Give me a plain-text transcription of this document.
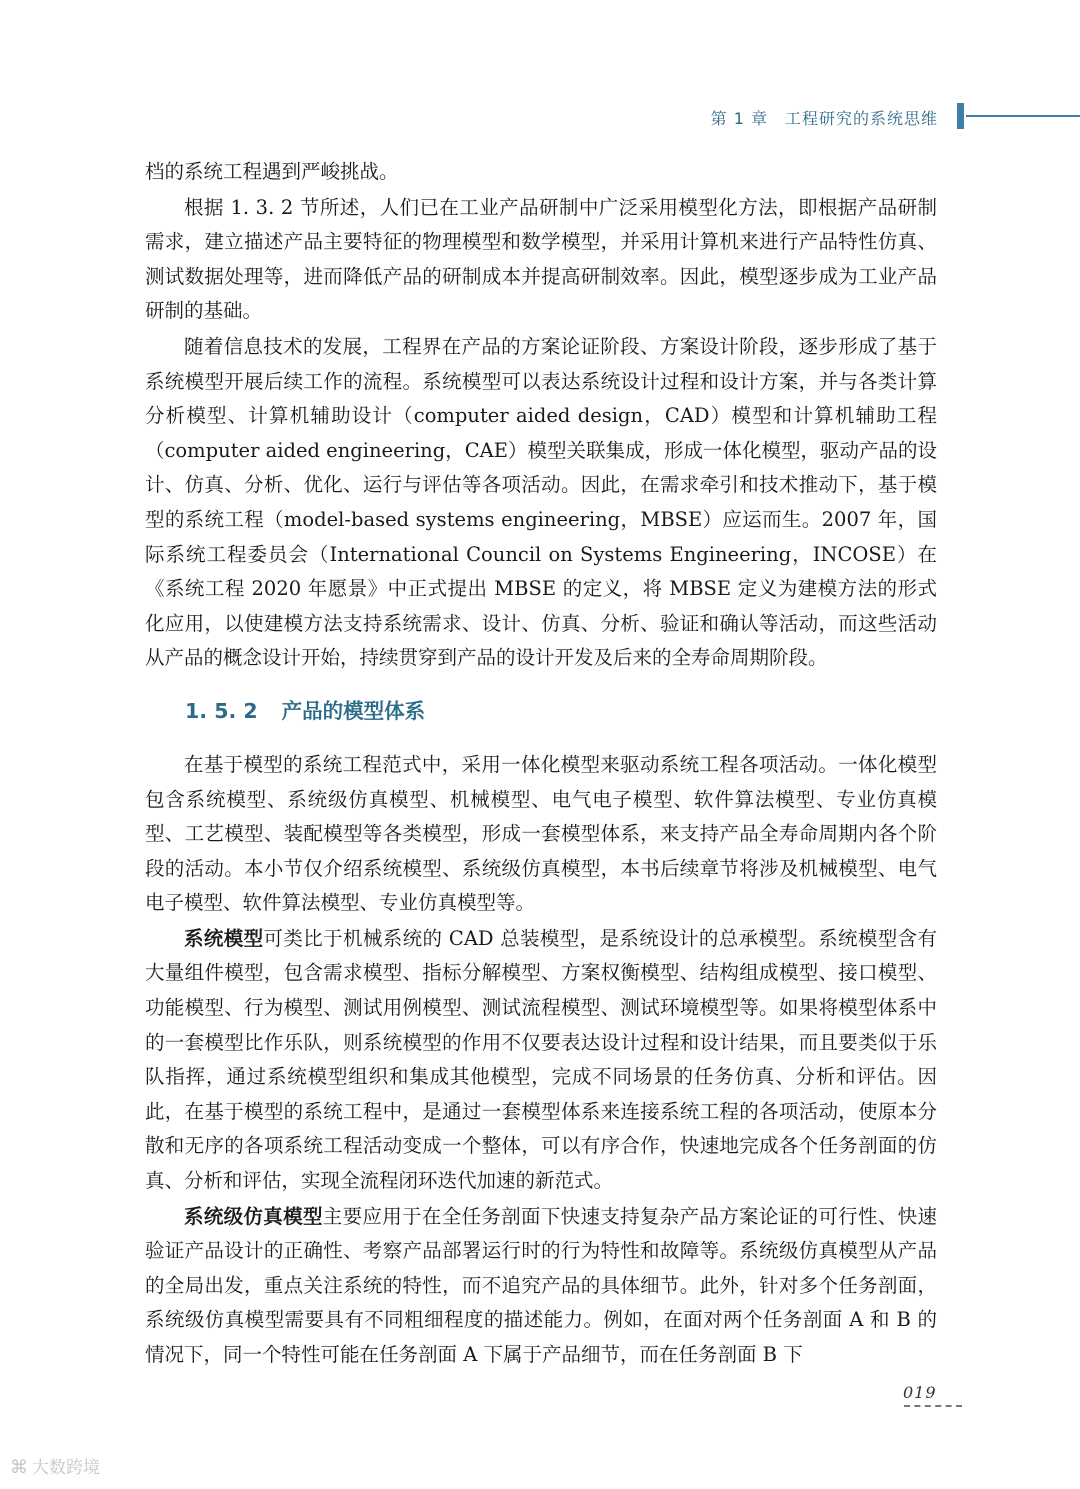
第 1 章　工程研究的系统思维

档的系统工程遇到严峻挑战。

根据 1. 3. 2 节所述，人们已在工业产品研制中广泛采用模型化方法，即根据产品研制需求，建立描述产品主要特征的物理模型和数学模型，并采用计算机来进行产品特性仿真、测试数据处理等，进而降低产品的研制成本并提高研制效率。因此，模型逐步成为工业产品研制的基础。

随着信息技术的发展，工程界在产品的方案论证阶段、方案设计阶段，逐步形成了基于系统模型开展后续工作的流程。系统模型可以表达系统设计过程和设计方案，并与各类计算分析模型、计算机辅助设计（computer aided design，CAD）模型和计算机辅助工程（computer aided engineering，CAE）模型关联集成，形成一体化模型，驱动产品的设计、仿真、分析、优化、运行与评估等各项活动。因此，在需求牵引和技术推动下，基于模型的系统工程（model-based systems engineering，MBSE）应运而生。2007 年，国际系统工程委员会（International Council on Systems Engineering，INCOSE）在《系统工程 2020 年愿景》中正式提出 MBSE 的定义，将 MBSE 定义为建模方法的形式化应用，以使建模方法支持系统需求、设计、仿真、分析、验证和确认等活动，而这些活动从产品的概念设计开始，持续贯穿到产品的设计开发及后来的全寿命周期阶段。

1. 5. 2 产品的模型体系

在基于模型的系统工程范式中，采用一体化模型来驱动系统工程各项活动。一体化模型包含系统模型、系统级仿真模型、机械模型、电气电子模型、软件算法模型、专业仿真模型、工艺模型、装配模型等各类模型，形成一套模型体系，来支持产品全寿命周期内各个阶段的活动。本小节仅介绍系统模型、系统级仿真模型，本书后续章节将涉及机械模型、电气电子模型、软件算法模型、专业仿真模型等。

系统模型可类比于机械系统的 CAD 总装模型，是系统设计的总承模型。系统模型含有大量组件模型，包含需求模型、指标分解模型、方案权衡模型、结构组成模型、接口模型、功能模型、行为模型、测试用例模型、测试流程模型、测试环境模型等。如果将模型体系中的一套模型比作乐队，则系统模型的作用不仅要表达设计过程和设计结果，而且要类似于乐队指挥，通过系统模型组织和集成其他模型，完成不同场景的任务仿真、分析和评估。因此，在基于模型的系统工程中，是通过一套模型体系来连接系统工程的各项活动，使原本分散和无序的各项系统工程活动变成一个整体，可以有序合作，快速地完成各个任务剖面的仿真、分析和评估，实现全流程闭环迭代加速的新范式。

系统级仿真模型主要应用于在全任务剖面下快速支持复杂产品方案论证的可行性、快速验证产品设计的正确性、考察产品部署运行时的行为特性和故障等。系统级仿真模型从产品的全局出发，重点关注系统的特性，而不追究产品的具体细节。此外，针对多个任务剖面，系统级仿真模型需要具有不同粗细程度的描述能力。例如，在面对两个任务剖面 A 和 B 的情况下，同一个特性可能在任务剖面 A 下属于产品细节，而在任务剖面 B 下

019
⌘ 大数跨境
